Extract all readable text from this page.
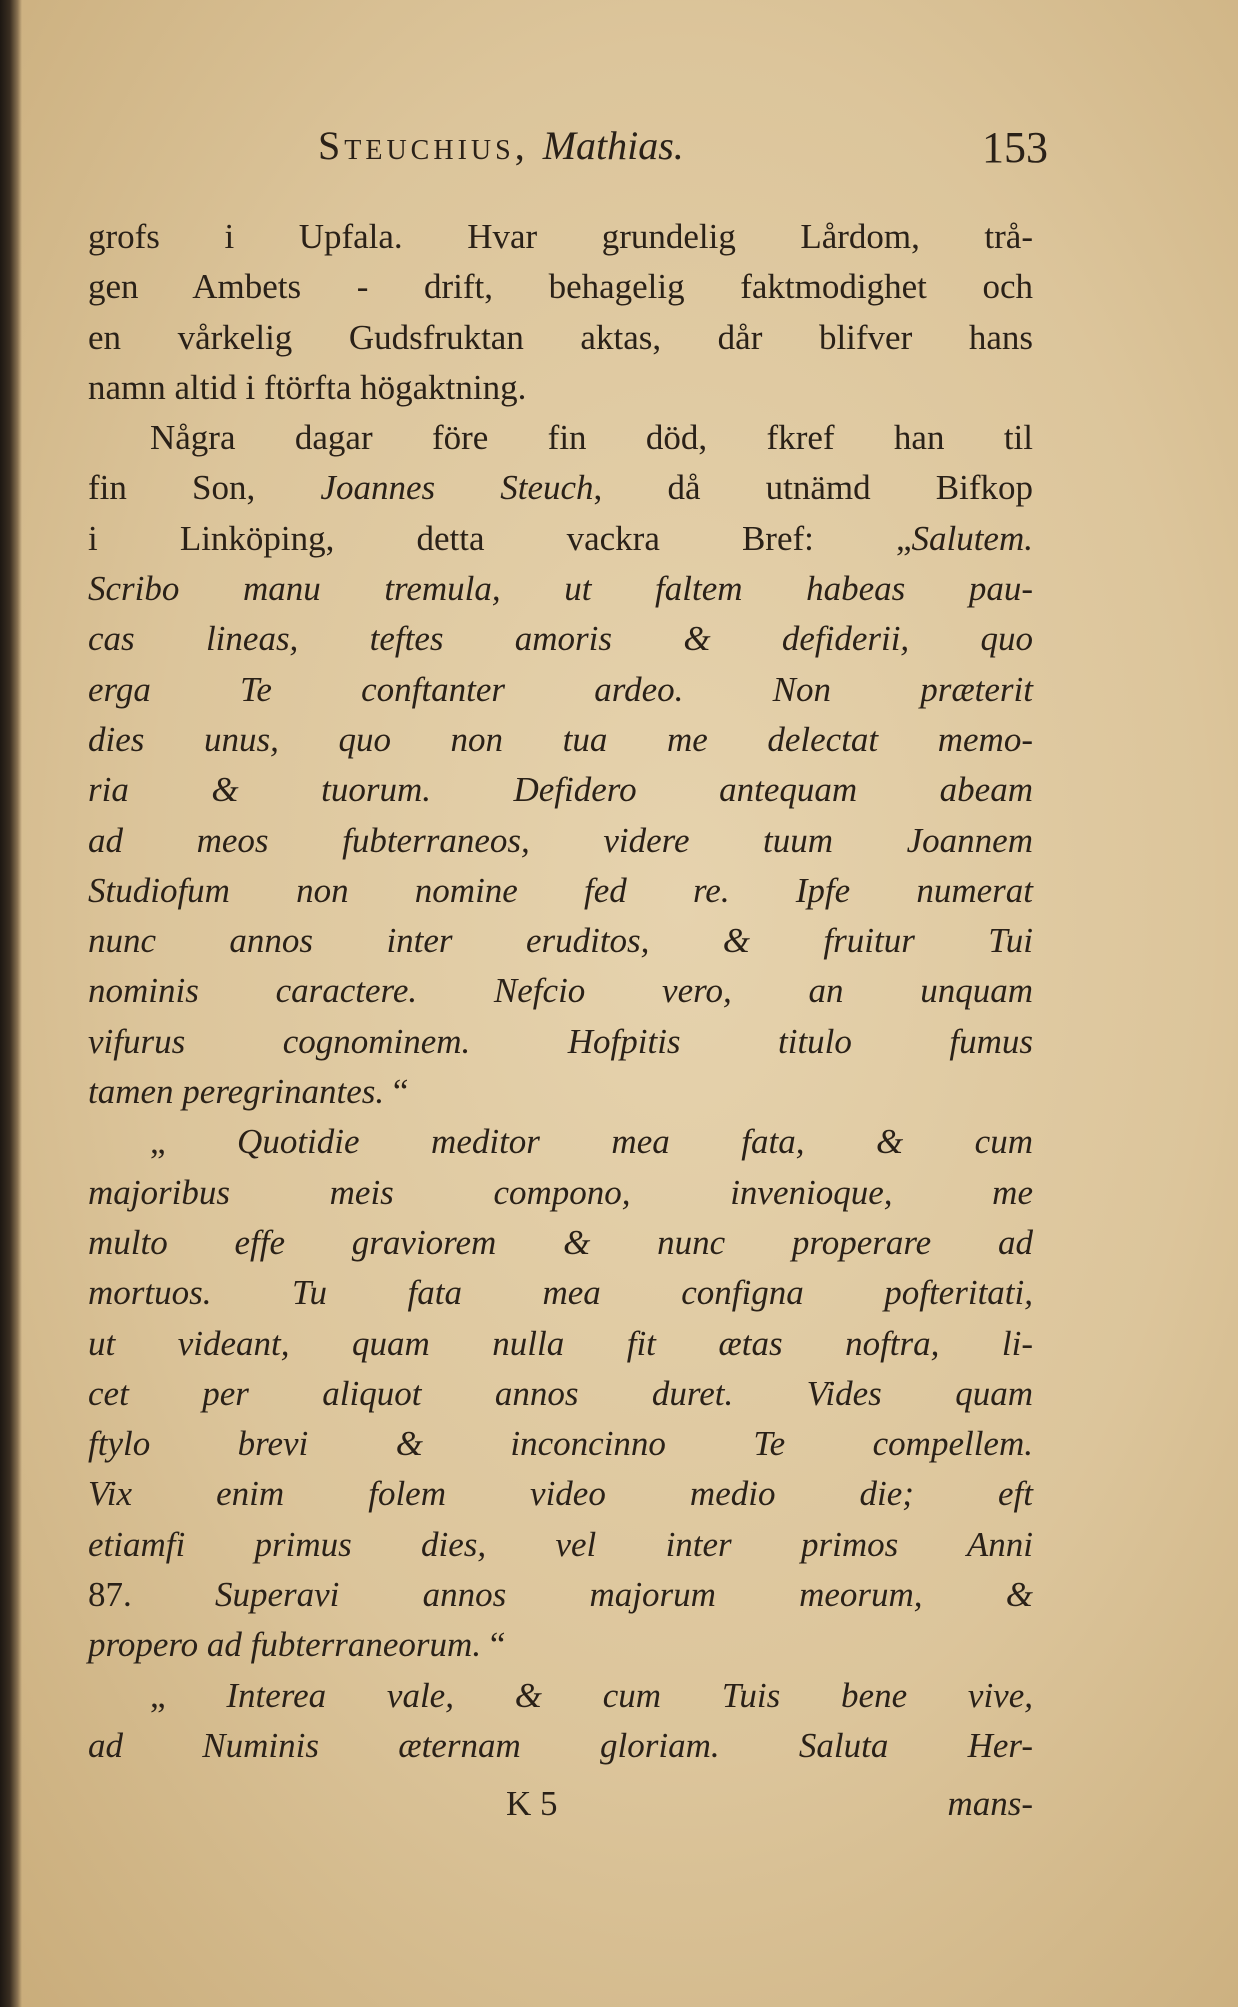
Steuchius, Mathias.	153
grofs i Upfala. Hvar grundelig Lårdom, trå-
gen Ambets - drift, behagelig faktmodighet och
en vårkelig Gudsfruktan aktas, dår blifver hans
namn altid i ftörfta högaktning.
Några dagar före fin död, fkref han til
fin Son, Joannes Steuch, då utnämd Bifkop
i Linköping, detta vackra Bref: „Salutem.
Scribo manu tremula, ut faltem habeas pau-
cas lineas, teftes amoris & defiderii, quo
erga Te conftanter ardeo. Non præterit
dies unus, quo non tua me delectat memo-
ria & tuorum. Defidero antequam abeam
ad meos fubterraneos, videre tuum Joannem
Studiofum non nomine fed re. Ipfe numerat
nunc annos inter eruditos, & fruitur Tui
nominis caractere. Nefcio vero, an unquam
vifurus cognominem. Hofpitis titulo fumus
tamen peregrinantes. “
„ Quotidie meditor mea fata, & cum
majoribus meis compono, invenioque, me
multo effe graviorem & nunc properare ad
mortuos. Tu fata mea configna pofteritati,
ut videant, quam nulla fit ætas noftra, li-
cet per aliquot annos duret. Vides quam
ftylo brevi & inconcinno Te compellem.
Vix enim folem video medio die; eft
etiamfi primus dies, vel inter primos Anni
87. Superavi annos majorum meorum, &
propero ad fubterraneorum. “
„ Interea vale, & cum Tuis bene vive,
ad Numinis æternam gloriam. Saluta Her-
K 5	mans-
